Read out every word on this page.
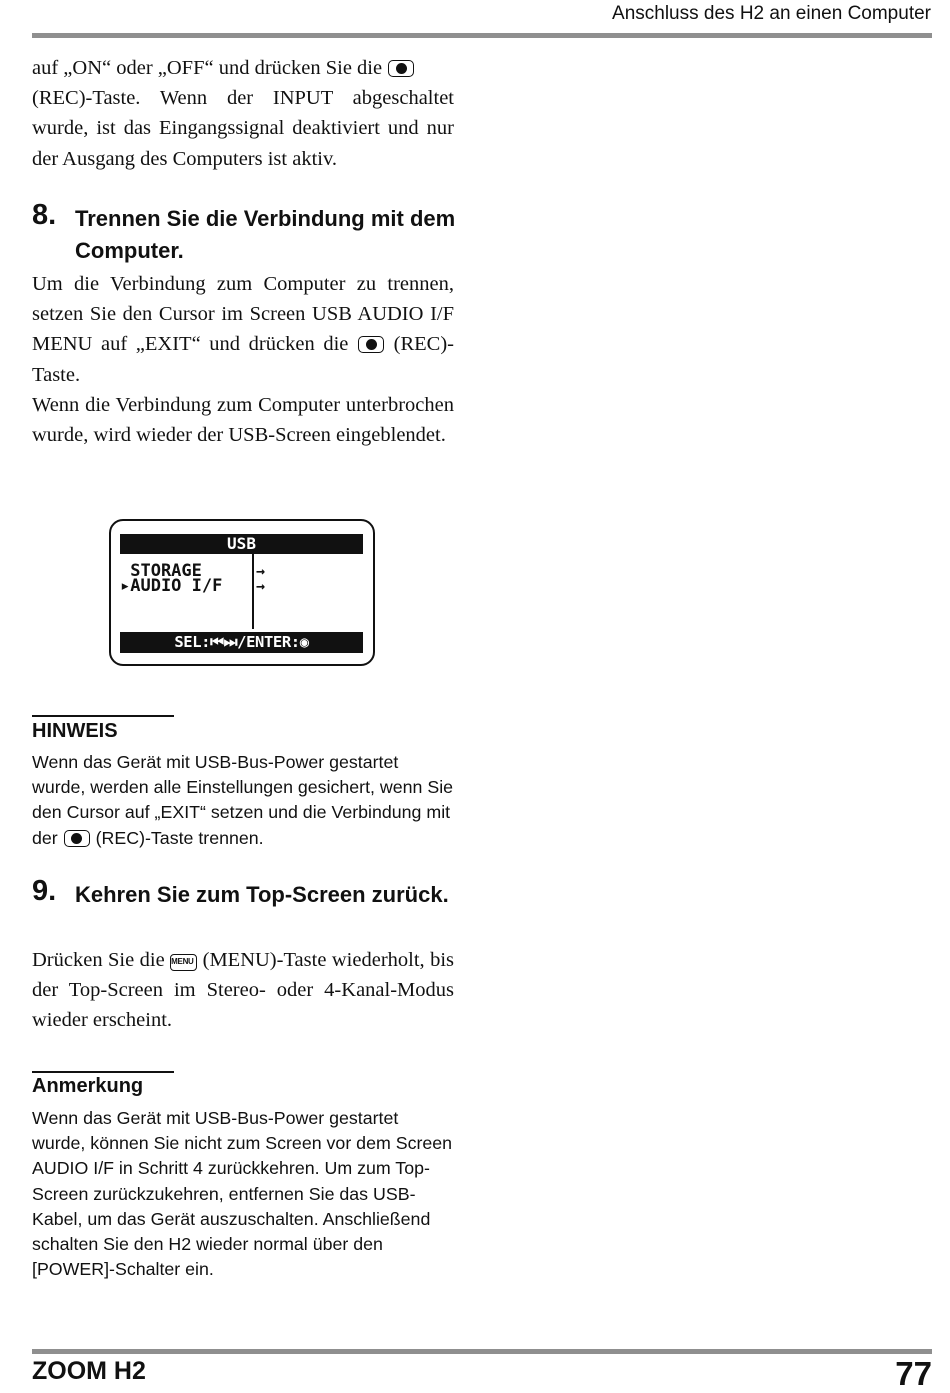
Anschluss des H2 an einen Computer

auf „ON“ oder „OFF“ und drücken Sie die
(REC)-Taste. Wenn der INPUT abgeschaltet wurde, ist das Eingangssignal deaktiviert und nur der Ausgang des Computers ist aktiv.

8. Trennen Sie die Verbindung mit dem Computer.

Um die Verbindung zum Computer zu trennen, setzen Sie den Cursor im Screen USB AUDIO I/F MENU auf „EXIT“ und drücken die (REC)-Taste.

Wenn die Verbindung zum Computer unterbrochen wurde, wird wieder der USB-Screen eingeblendet.

USB
STORAGE
▸AUDIO I/F
→
→
SEL:⏮⏭/ENTER:◉
HINWEIS

Wenn das Gerät mit USB-Bus-Power gestartet wurde, werden alle Einstellungen gesichert, wenn Sie den Cursor auf „EXIT“ setzen und die Verbindung mit der (REC)-Taste trennen.

9. Kehren Sie zum Top-Screen zurück.

Drücken Sie die MENU (MENU)-Taste wiederholt, bis der Top-Screen im Stereo- oder 4-Kanal-Modus wieder erscheint.

Anmerkung

Wenn das Gerät mit USB-Bus-Power gestartet wurde, können Sie nicht zum Screen vor dem Screen AUDIO I/F in Schritt 4 zurückkehren. Um zum Top-Screen zurückzukehren, entfernen Sie das USB-Kabel, um das Gerät auszuschalten. Anschließend schalten Sie den H2 wieder normal über den [POWER]-Schalter ein.

ZOOM H2	77
